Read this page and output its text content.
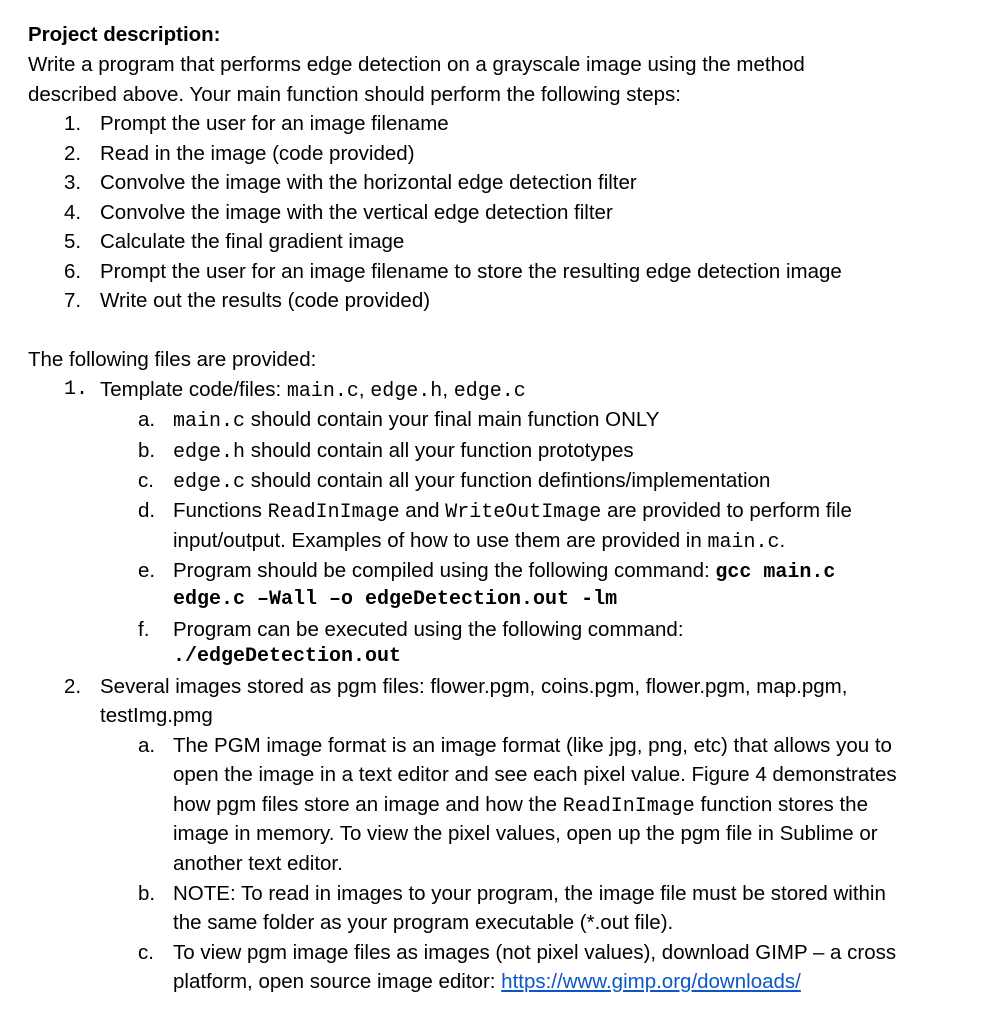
Project description:
Write a program that performs edge detection on a grayscale image using the method
described above. Your main function should perform the following steps:
1. Prompt the user for an image filename
2. Read in the image (code provided)
3. Convolve the image with the horizontal edge detection filter
4. Convolve the image with the vertical edge detection filter
5. Calculate the final gradient image
6. Prompt the user for an image filename to store the resulting edge detection image
7. Write out the results (code provided)
The following files are provided:
1. Template code/files: main.c, edge.h, edge.c
a. main.c should contain your final main function ONLY
b. edge.h should contain all your function prototypes
c. edge.c should contain all your function defintions/implementation
d. Functions ReadInImage and WriteOutImage are provided to perform file
input/output. Examples of how to use them are provided in main.c.
e. Program should be compiled using the following command: gcc main.c
edge.c –Wall –o edgeDetection.out -lm
f. Program can be executed using the following command:
./edgeDetection.out
2. Several images stored as pgm files: flower.pgm, coins.pgm, flower.pgm, map.pgm,
testImg.pmg
a. The PGM image format is an image format (like jpg, png, etc) that allows you to
open the image in a text editor and see each pixel value. Figure 4 demonstrates
how pgm files store an image and how the ReadInImage function stores the
image in memory. To view the pixel values, open up the pgm file in Sublime or
another text editor.
b. NOTE: To read in images to your program, the image file must be stored within
the same folder as your program executable (*.out file).
c. To view pgm image files as images (not pixel values), download GIMP – a cross
platform, open source image editor: https://www.gimp.org/downloads/
